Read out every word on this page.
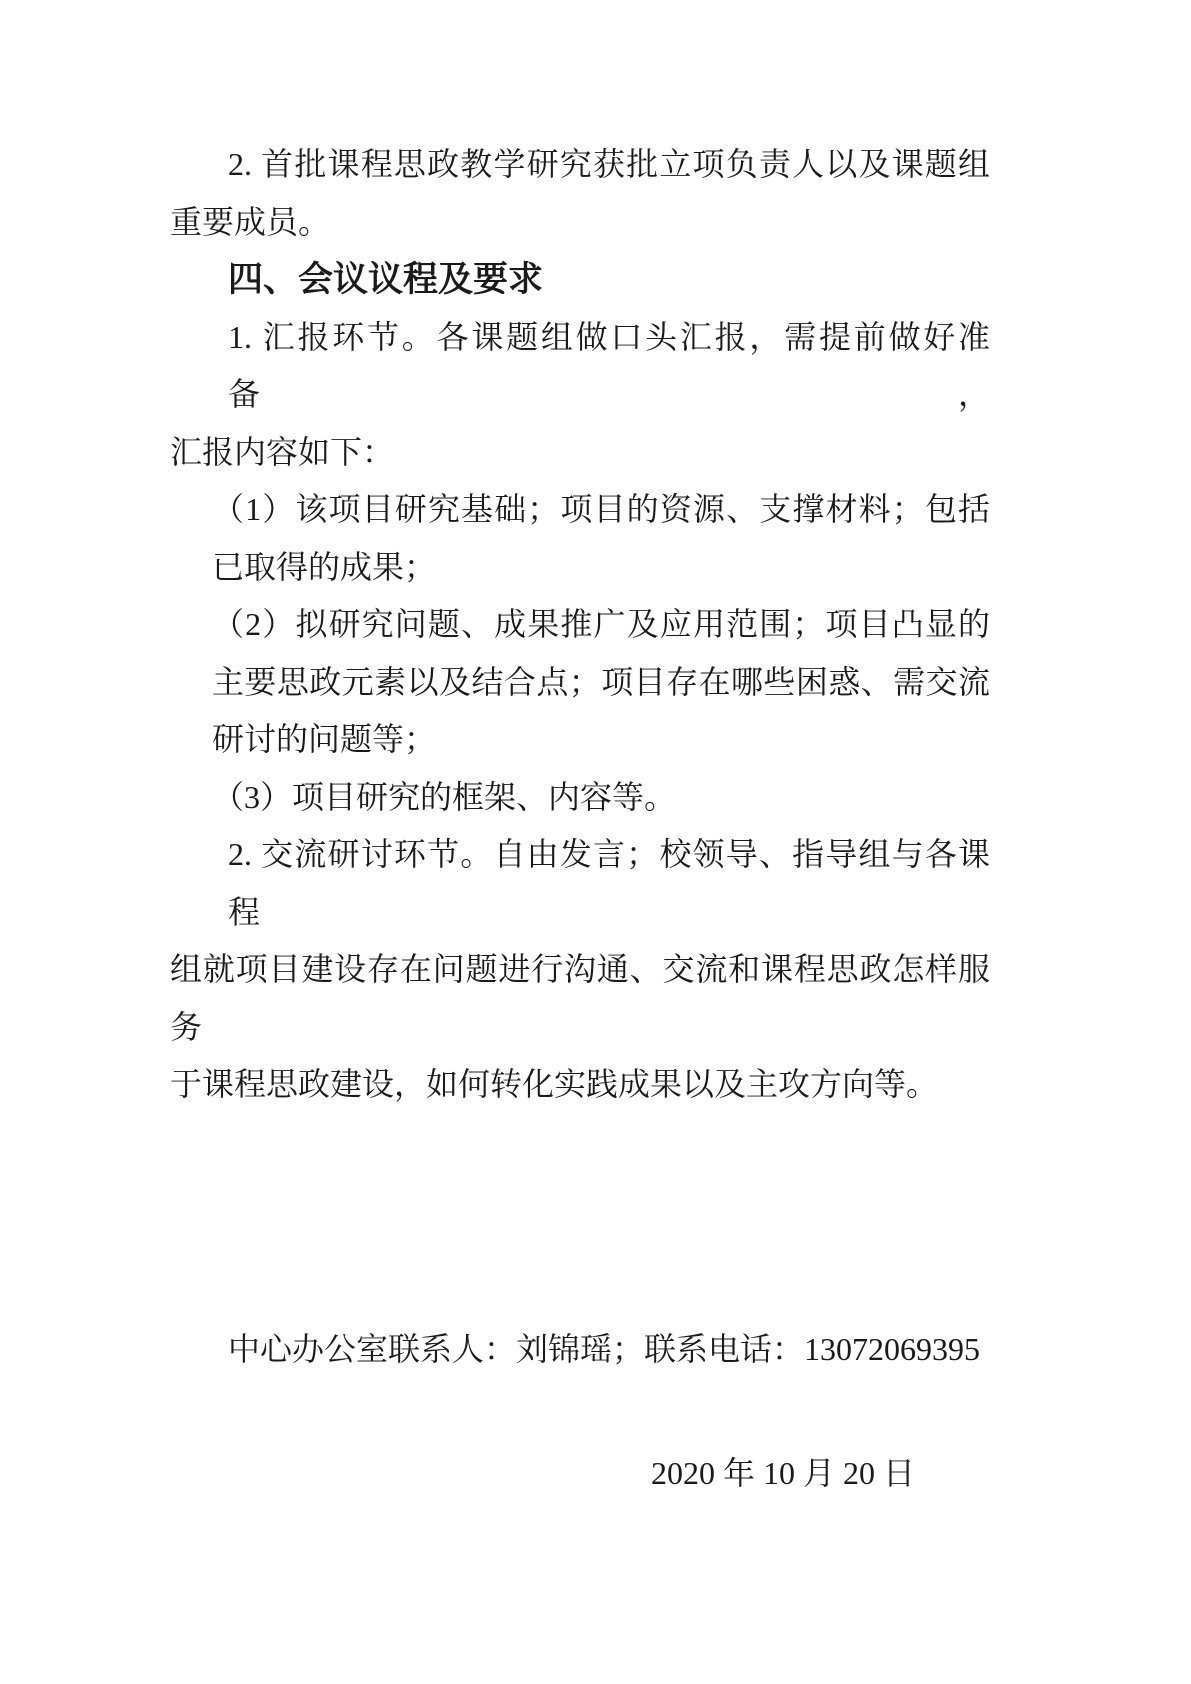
2. 首批课程思政教学研究获批立项负责人以及课题组
重要成员。
四、会议议程及要求
1. 汇报环节。各课题组做口头汇报，需提前做好准备，
汇报内容如下：
（1）该项目研究基础；项目的资源、支撑材料；包括
已取得的成果；
（2）拟研究问题、成果推广及应用范围；项目凸显的
主要思政元素以及结合点；项目存在哪些困惑、需交流
研讨的问题等；
（3）项目研究的框架、内容等。
2. 交流研讨环节。自由发言；校领导、指导组与各课程
组就项目建设存在问题进行沟通、交流和课程思政怎样服务
于课程思政建设，如何转化实践成果以及主攻方向等。
中心办公室联系人：刘锦瑶；联系电话：13072069395
2020 年 10 月 20 日
